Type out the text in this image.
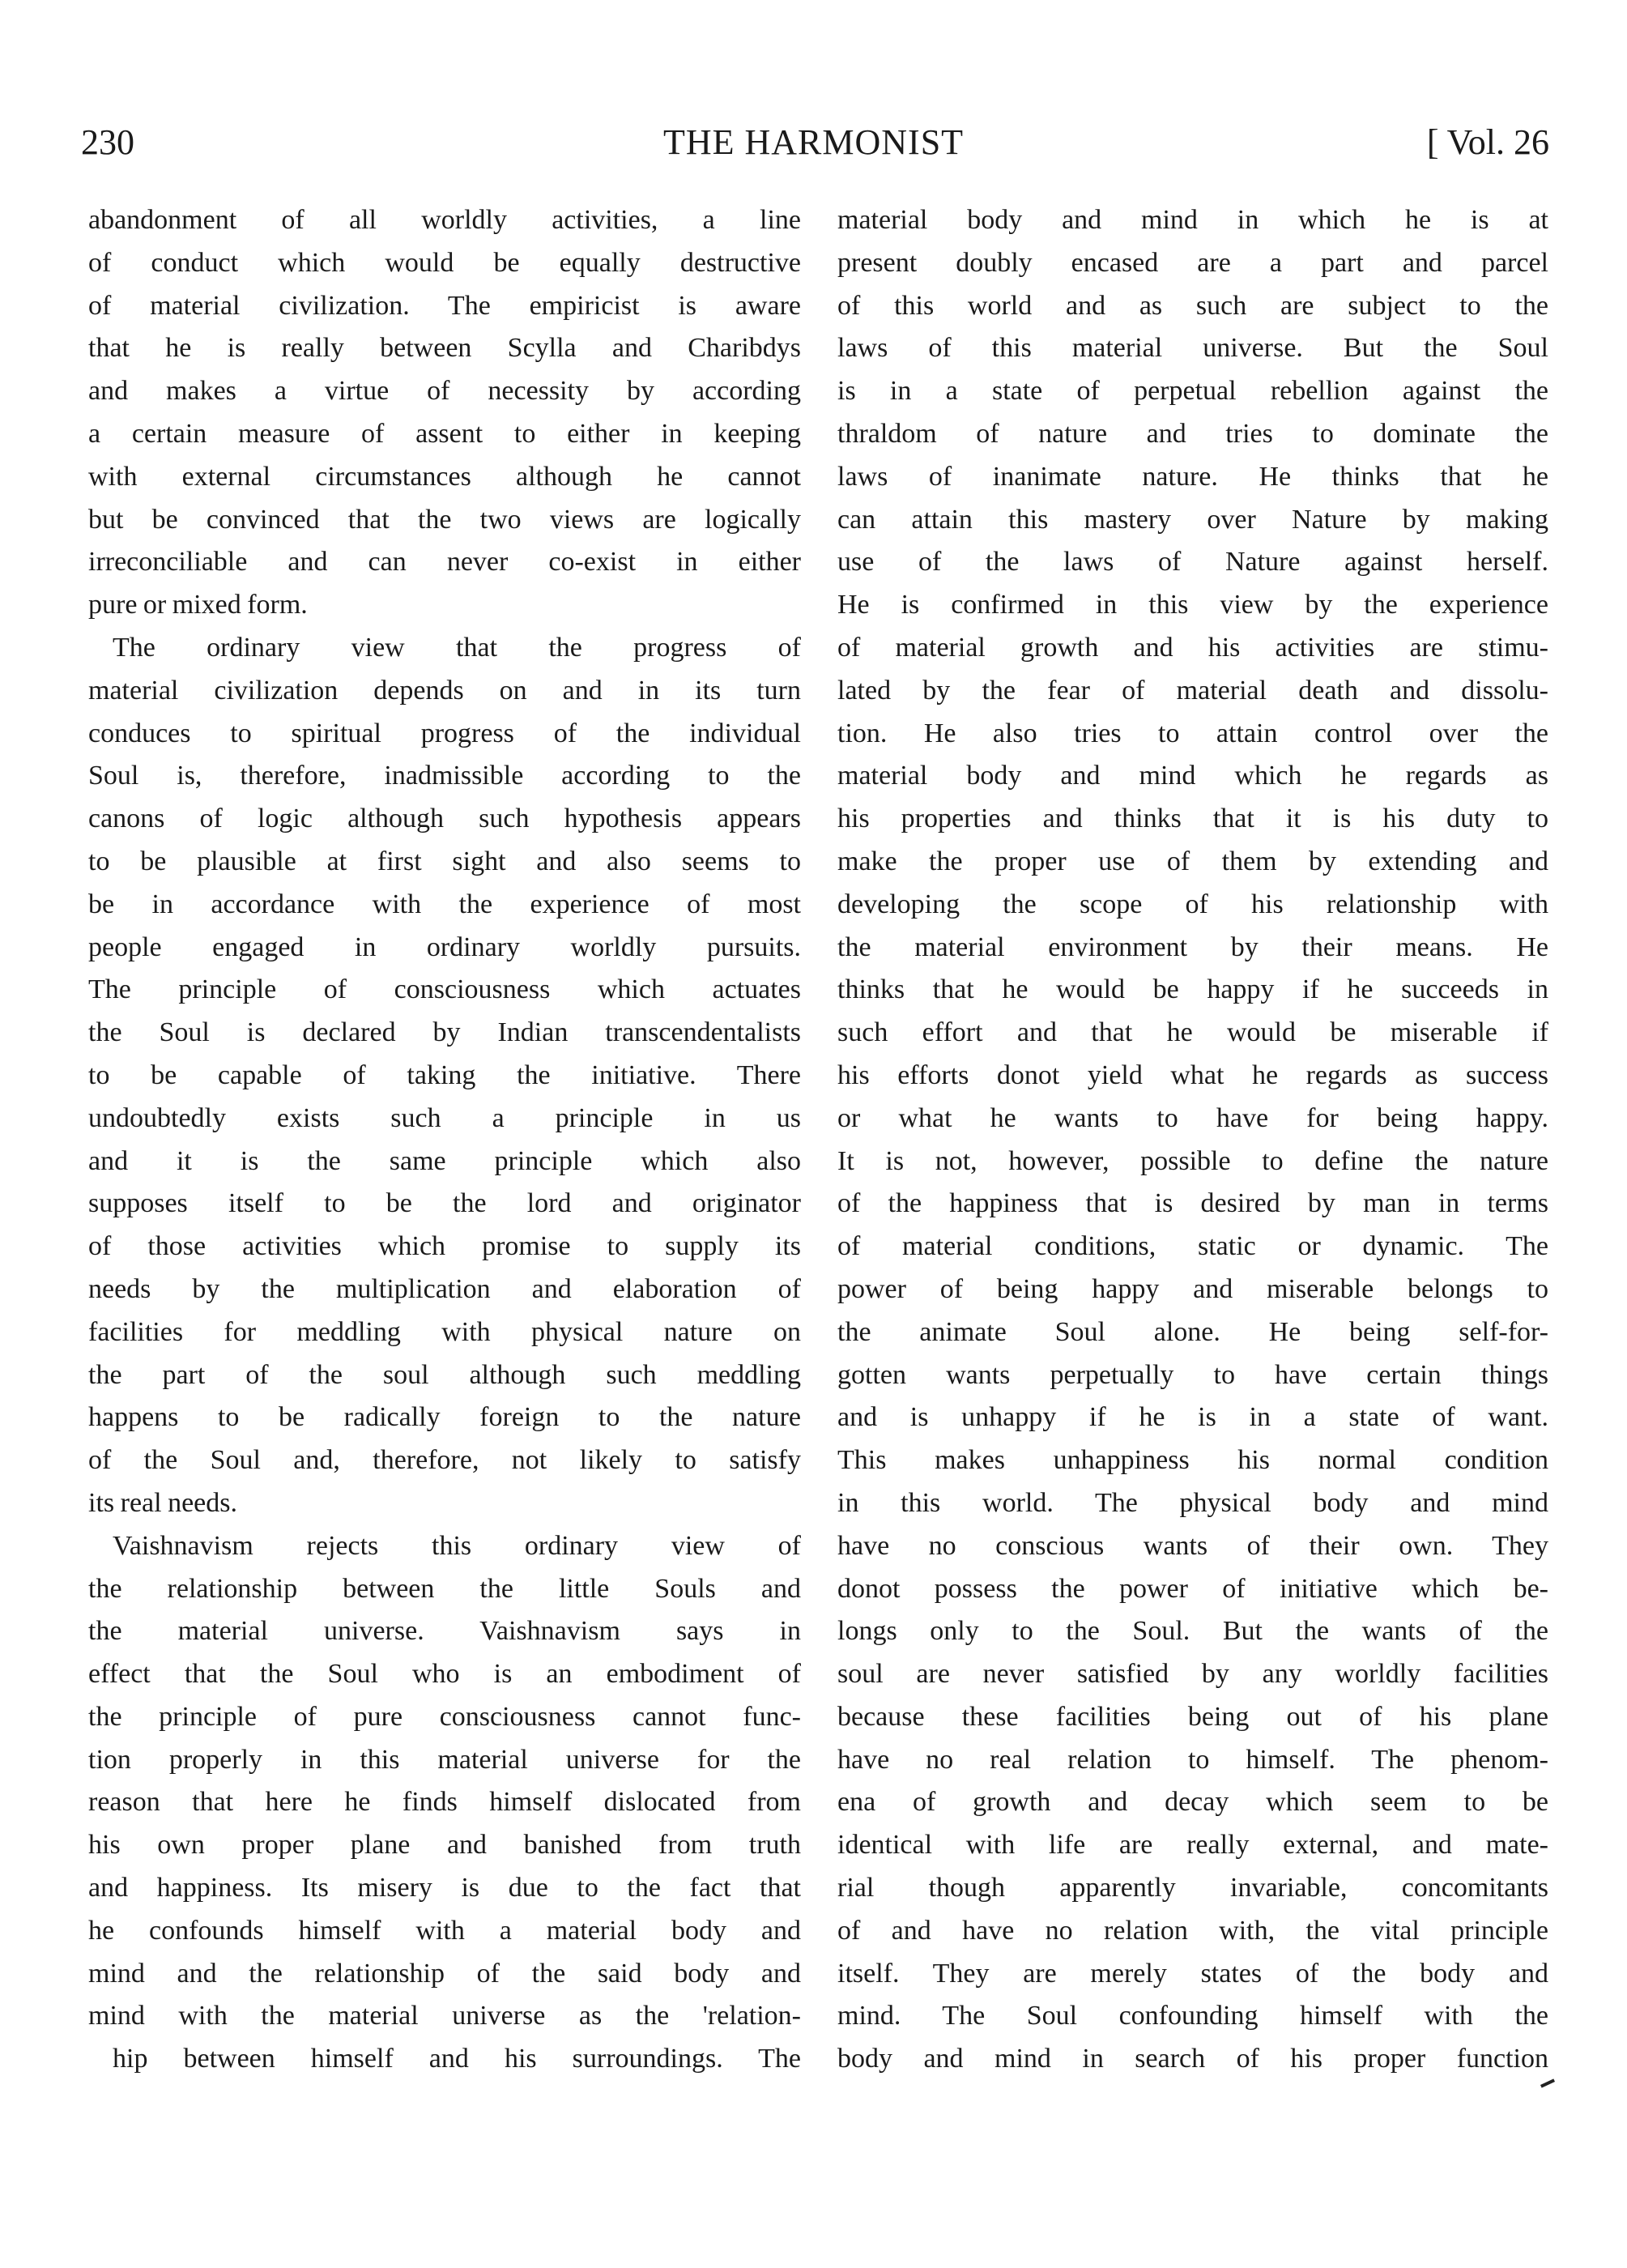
230	THE HARMONIST	[ Vol. 26
abandonment of all worldly activities, a line
of conduct which would be equally destructive
of material civilization. The empiricist is aware
that he is really between Scylla and Charibdys
and makes a virtue of necessity by according
a certain measure of assent to either in keeping
with external circumstances although he cannot
but be convinced that the two views are logically
irreconciliable and can never co-exist in either
pure or mixed form.
The ordinary view that the progress of
material civilization depends on and in its turn
conduces to spiritual progress of the individual
Soul is, therefore, inadmissible according to the
canons of logic although such hypothesis appears
to be plausible at first sight and also seems to
be in accordance with the experience of most
people engaged in ordinary worldly pursuits.
The principle of consciousness which actuates
the Soul is declared by Indian transcendentalists
to be capable of taking the initiative. There
undoubtedly exists such a principle in us
and it is the same principle which also
supposes itself to be the lord and originator
of those activities which promise to supply its
needs by the multiplication and elaboration of
facilities for meddling with physical nature on
the part of the soul although such meddling
happens to be radically foreign to the nature
of the Soul and, therefore, not likely to satisfy
its real needs.
Vaishnavism rejects this ordinary view of
the relationship between the little Souls and
the material universe. Vaishnavism says in
effect that the Soul who is an embodiment of
the principle of pure consciousness cannot func-
tion properly in this material universe for the
reason that here he finds himself dislocated from
his own proper plane and banished from truth
and happiness. Its misery is due to the fact that
he confounds himself with a material body and
mind and the relationship of the said body and
mind with the material universe as the 'relation-
hip between himself and his surroundings. The
material body and mind in which he is at
present doubly encased are a part and parcel
of this world and as such are subject to the
laws of this material universe. But the Soul
is in a state of perpetual rebellion against the
thraldom of nature and tries to dominate the
laws of inanimate nature. He thinks that he
can attain this mastery over Nature by making
use of the laws of Nature against herself.
He is confirmed in this view by the experience
of material growth and his activities are stimu-
lated by the fear of material death and dissolu-
tion. He also tries to attain control over the
material body and mind which he regards as
his properties and thinks that it is his duty to
make the proper use of them by extending and
developing the scope of his relationship with
the material environment by their means. He
thinks that he would be happy if he succeeds in
such effort and that he would be miserable if
his efforts donot yield what he regards as success
or what he wants to have for being happy.
It is not, however, possible to define the nature
of the happiness that is desired by man in terms
of material conditions, static or dynamic. The
power of being happy and miserable belongs to
the animate Soul alone. He being self-for-
gotten wants perpetually to have certain things
and is unhappy if he is in a state of want.
This makes unhappiness his normal condition
in this world. The physical body and mind
have no conscious wants of their own. They
donot possess the power of initiative which be-
longs only to the Soul. But the wants of the
soul are never satisfied by any worldly facilities
because these facilities being out of his plane
have no real relation to himself. The phenom-
ena of growth and decay which seem to be
identical with life are really external, and mate-
rial though apparently invariable, concomitants
of and have no relation with, the vital principle
itself. They are merely states of the body and
mind. The Soul confounding himself with the
body and mind in search of his proper function
